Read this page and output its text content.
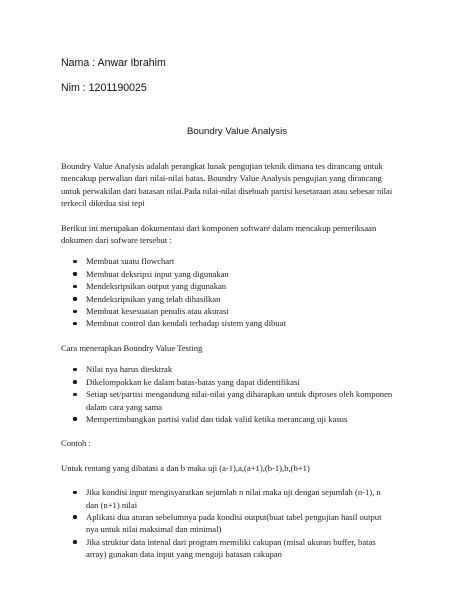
Nama : Anwar Ibrahim
Nim : 1201190025
Boundry Value Analysis

Boundry Value Analysis adalah perangkat lunak pengujian teknik dimana tes dirancang untuk
mencakup perwalian dari nilai-nilai batas. Boundry Value Analysis pengujian yang dirancang
untuk perwakilan dari batasan nilai.Pada nilai-nilai disebuah partisi kesetaraan atau sebesar nilai
terkecil dikedua sisi tepi

Berikut ini merupakan dokumentasi dari komponen software dalam mencakup pemeriksaan
dokumen dari sofware tersebut :

Membuat suatu flowchart
Membuat deksripsi input yang digunakan
Mendeksripsikan output yang digunakan
Mendeksripsikan yang telah dihasilkan
Membuat kesesuaian penulis atau akurasi
Membuat control dan kendali terhadap sistem yang dibuat

Cara menerapkan Boundry Value Testing

Nilai nya harus diesktrak
Dikelompokkan ke dalam batas-batas yang dapat didentifikasi
Setiap set/partisi mengandung nilai-nilai yang diharapkan untuk diproses oleh komponen
dalam cara yang sama
Mempertimbangkan partisi valid dan tidak valid ketika merancang uji kasus

Contoh :

Untuk rentang yang dibatasi a dan b maka uji (a-1),a,(a+1),(b-1),b,(b+1)

Jika kondisi input mengisyaratkan sejumlah n nilai maka uji dengan sejumlah (n-1), n
dan (n+1) nilai
Aplikasi dua aturan sebelumnya pada kondisi output(buat tabel pengujian hasil output
nya untuk nilai maksimal dan minimal)
Jika struktur data intenal dari program memiliki cakupan (misal ukuran buffer, batas
array) gunakan data input yang menguji batasan cakupan
